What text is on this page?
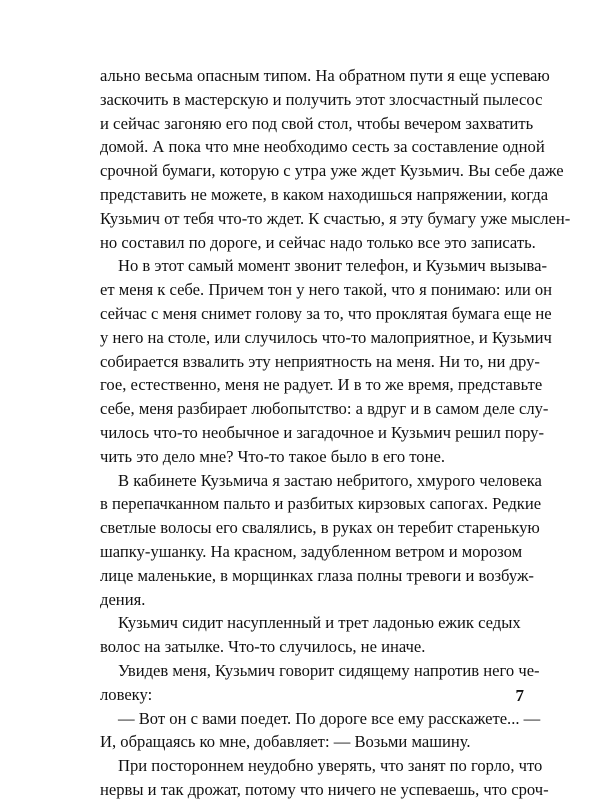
ально весьма опасным типом. На обратном пути я еще успеваю
заскочить в мастерскую и получить этот злосчастный пылесос
и сейчас загоняю его под свой стол, чтобы вечером захватить
домой. А пока что мне необходимо сесть за составление одной
срочной бумаги, которую с утра уже ждет Кузьмич. Вы себе даже
представить не можете, в каком находишься напряжении, когда
Кузьмич от тебя что-то ждет. К счастью, я эту бумагу уже мыслен-
но составил по дороге, и сейчас надо только все это записать.
Но в этот самый момент звонит телефон, и Кузьмич вызыва-
ет меня к себе. Причем тон у него такой, что я понимаю: или он
сейчас с меня снимет голову за то, что проклятая бумага еще не
у него на столе, или случилось что-то малоприятное, и Кузьмич
собирается взвалить эту неприятность на меня. Ни то, ни дру-
гое, естественно, меня не радует. И в то же время, представьте
себе, меня разбирает любопытство: а вдруг и в самом деле слу-
чилось что-то необычное и загадочное и Кузьмич решил пору-
чить это дело мне? Что-то такое было в его тоне.
В кабинете Кузьмича я застаю небритого, хмурого человека
в перепачканном пальто и разбитых кирзовых сапогах. Редкие
светлые волосы его свалялись, в руках он теребит старенькую
шапку-ушанку. На красном, задубленном ветром и морозом
лице маленькие, в морщинках глаза полны тревоги и возбуж-
дения.
Кузьмич сидит насупленный и трет ладонью ежик седых
волос на затылке. Что-то случилось, не иначе.
Увидев меня, Кузьмич говорит сидящему напротив него че-
ловеку:
— Вот он с вами поедет. По дороге все ему расскажете... —
И, обращаясь ко мне, добавляет: — Возьми машину.
При постороннем неудобно уверять, что занят по горло, что
нервы и так дрожат, потому что ничего не успеваешь, что сроч-
7
